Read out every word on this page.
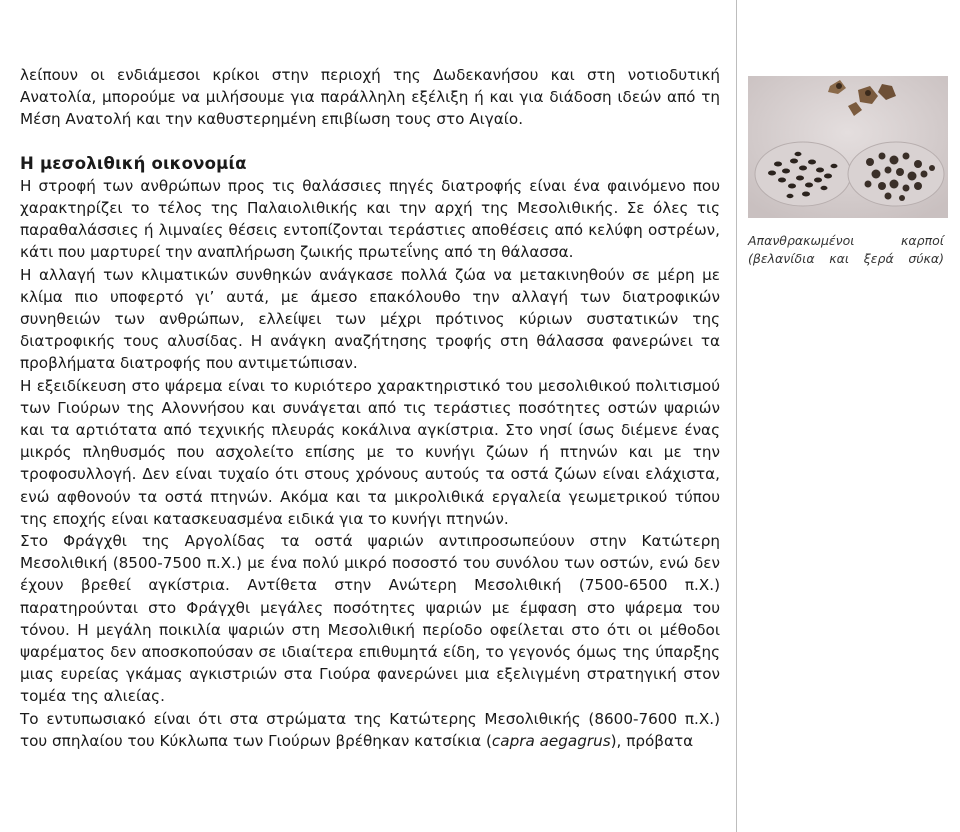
λείπουν οι ενδιάμεσοι κρίκοι στην περιοχή της Δωδεκανήσου και στη νοτιοδυτική Ανατολία, μπορούμε να μιλήσουμε για παράλληλη εξέλιξη ή και για διάδοση ιδεών από τη Μέση Ανατολή και την καθυστερημένη επιβίωση τους στο Αιγαίο.

Η μεσολιθική οικονομία

Η στροφή των ανθρώπων προς τις θαλάσσιες πηγές διατροφής είναι ένα φαινόμενο που χαρακτηρίζει το τέλος της Παλαιολιθικής και την αρχή της Μεσολιθικής. Σε όλες τις παραθαλάσσιες ή λιμναίες θέσεις εντοπίζονται τεράστιες αποθέσεις από κελύφη οστρέων, κάτι που μαρτυρεί την αναπλήρωση ζωικής πρωτεΐνης από τη θάλασσα.

Η αλλαγή των κλιματικών συνθηκών ανάγκασε πολλά ζώα να μετακινηθούν σε μέρη με κλίμα πιο υποφερτό γι’ αυτά, με άμεσο επακόλουθο την αλλαγή των διατροφικών συνηθειών των ανθρώπων, ελλείψει των μέχρι πρότινος κύριων συστατικών της διατροφικής τους αλυσίδας. Η ανάγκη αναζήτησης τροφής στη θάλασσα φανερώνει τα προβλήματα διατροφής που αντιμετώπισαν.

Η εξειδίκευση στο ψάρεμα είναι το κυριότερο χαρακτηριστικό του μεσολιθικού πολιτισμού των Γιούρων της Αλοννήσου και συνάγεται από τις τεράστιες ποσότητες οστών ψαριών και τα αρτιότατα από τεχνικής πλευράς κοκάλινα αγκίστρια. Στο νησί ίσως διέμενε ένας μικρός πληθυσμός που ασχολείτο επίσης με το κυνήγι ζώων ή πτηνών και με την τροφοσυλλογή. Δεν είναι τυχαίο ότι στους χρόνους αυτούς τα οστά ζώων είναι ελάχιστα, ενώ αφθονούν τα οστά πτηνών. Ακόμα και τα μικρολιθικά εργαλεία γεωμετρικού τύπου της εποχής είναι κατασκευασμένα ειδικά για το κυνήγι πτηνών.

Στο Φράγχθι της Αργολίδας τα οστά ψαριών αντιπροσωπεύουν στην Κατώτερη Μεσολιθική (8500-7500 π.Χ.) με ένα πολύ μικρό ποσοστό του συνόλου των οστών, ενώ δεν έχουν βρεθεί αγκίστρια. Αντίθετα στην Ανώτερη Μεσολιθική (7500-6500 π.Χ.) παρατηρούνται στο Φράγχθι μεγάλες ποσότητες ψαριών με έμφαση στο ψάρεμα του τόνου. Η μεγάλη ποικιλία ψαριών στη Μεσολιθική περίοδο οφείλεται στο ότι οι μέθοδοι ψαρέματος δεν αποσκοπούσαν σε ιδιαίτερα επιθυμητά είδη, το γεγονός όμως της ύπαρξης μιας ευρείας γκάμας αγκιστριών στα Γιούρα φανερώνει μια εξελιγμένη στρατηγική στον τομέα της αλιείας.

Το εντυπωσιακό είναι ότι στα στρώματα της Κατώτερης Μεσολιθικής (8600-7600 π.Χ.) του σπηλαίου του Κύκλωπα των Γιούρων βρέθηκαν κατσίκια (capra aegagrus), πρόβατα

Απανθρακωμένοι καρποί (βελανίδια και ξερά σύκα)
